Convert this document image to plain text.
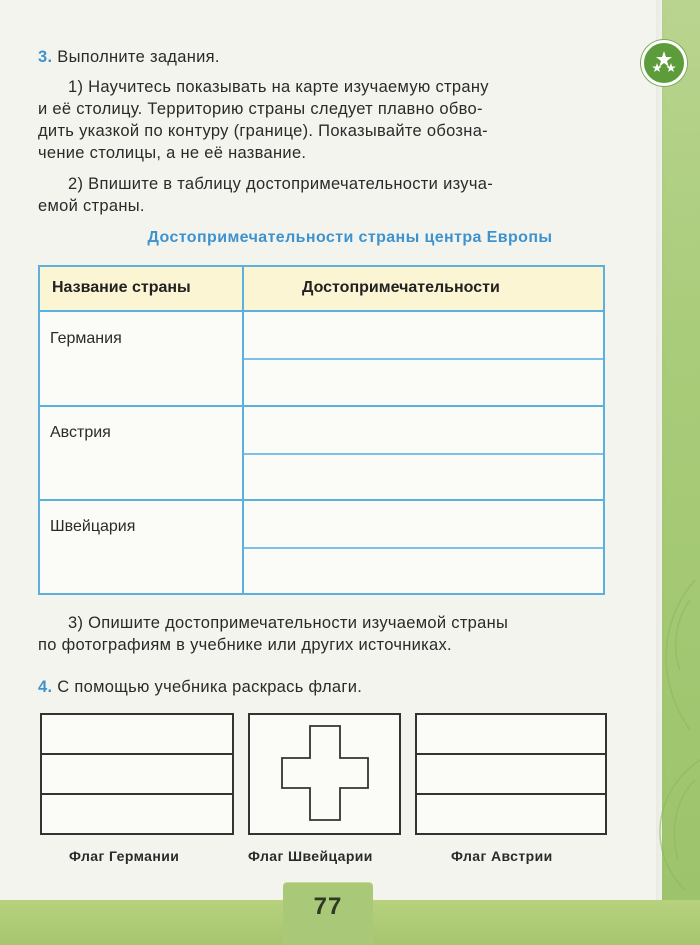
3. Выполните задания.
1) Научитесь показывать на карте изучаемую страну
и её столицу. Территорию страны следует плавно обво-
дить указкой по контуру (границе). Показывайте обозна-
чение столицы, а не её название.
2) Впишите в таблицу достопримечательности изуча-
емой страны.
Достопримечательности страны центра Европы
Название страны	Достопримечательности
Германия
Австрия
Швейцария
3) Опишите достопримечательности изучаемой страны
по фотографиям в учебнике или других источниках.
4. С помощью учебника раскрась флаги.
Флаг Германии	Флаг Швейцарии	Флаг Австрии
77
